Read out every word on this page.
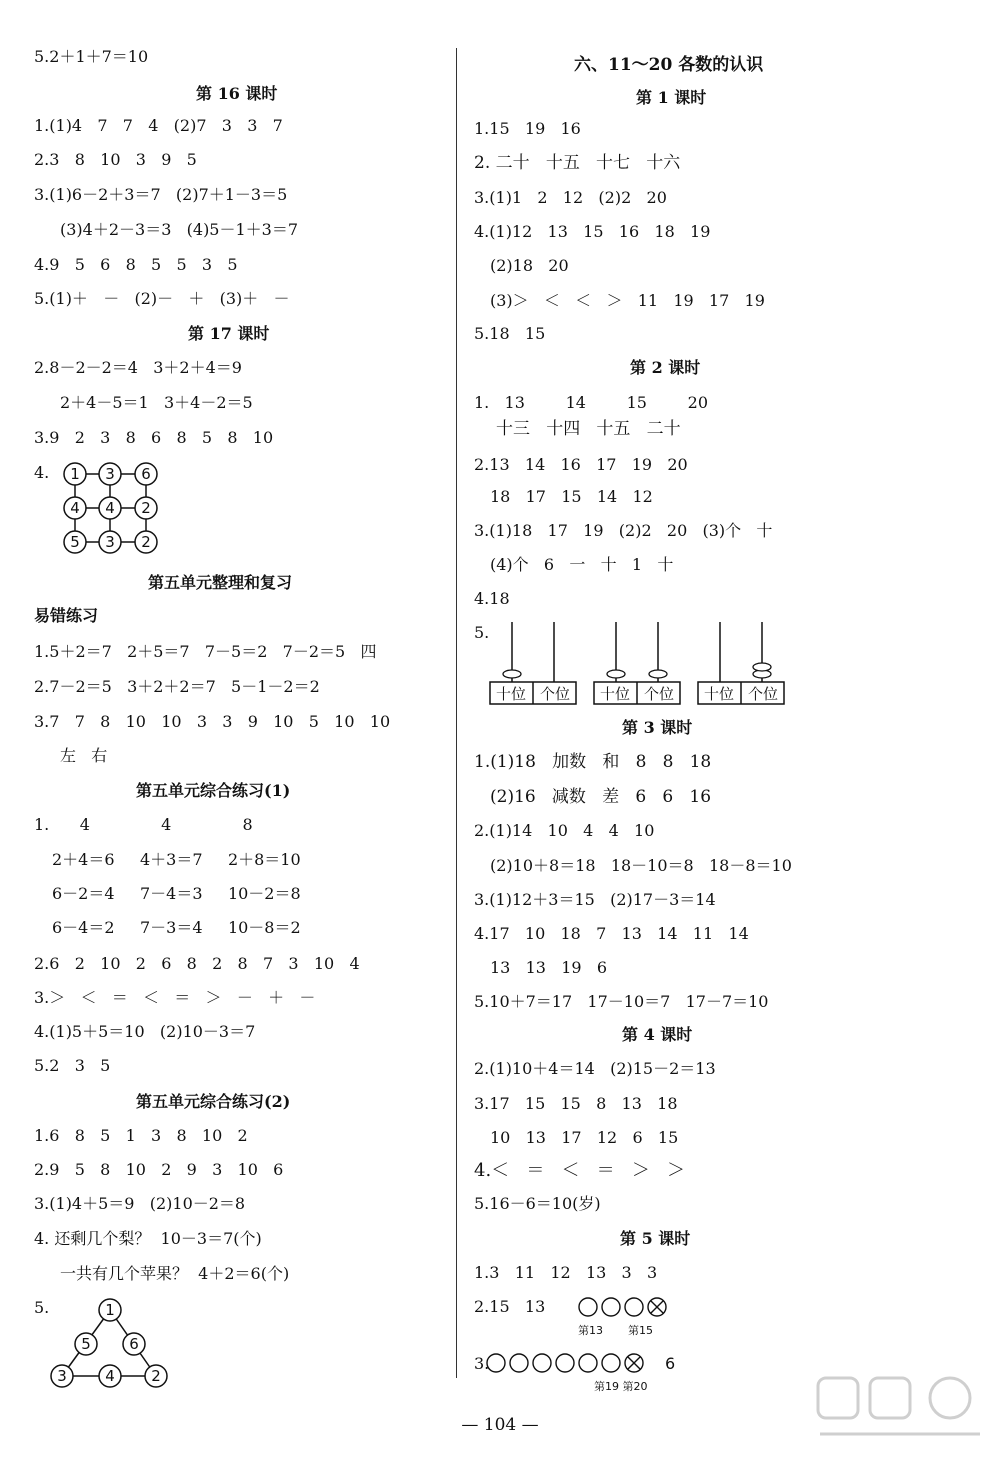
5.2＋1＋7＝10
第 16 课时
1.(1)4   7   7   4   (2)7   3   3   7
2.3   8   10   3   9   5
3.(1)6－2＋3＝7   (2)7＋1－3＝5
(3)4＋2－3＝3   (4)5－1＋3＝7
4.9   5   6   8   5   5   3   5
5.(1)＋   －   (2)－   ＋   (3)＋   －
第 17 课时
2.8－2－2＝4   3＋2＋4＝9
2＋4－5＝1   3＋4－2＝5
3.9   2   3   8   6   8   5   8   10
4. 1 3 6
4 4 2
5 3 2
第五单元整理和复习
易错练习
1.5＋2＝7   2＋5＝7   7－5＝2   7－2＝5   四
2.7－2＝5   3＋2＋2＝7   5－1－2＝2
3.7   7   8   10   10   3   3   9   10   5   10   10
左   右
第五单元综合练习(1)
1.      4              4              8
2＋4＝6     4＋3＝7     2＋8＝10
6－2＝4     7－4＝3     10－2＝8
6－4＝2     7－3＝4     10－8＝2
2.6   2   10   2   6   8   2   8   7   3   10   4
3.＞   ＜   ＝   ＜   ＝   ＞   －   ＋   －
4.(1)5＋5＝10   (2)10－3＝7
5.2   3   5
第五单元综合练习(2)
1.6   8   5   1   3   8   10   2
2.9   5   8   10   2   9   3   10   6
3.(1)4＋5＝9   (2)10－2＝8
4. 还剩几个梨？  10－3＝7(个)
一共有几个苹果？  4＋2＝6(个)
5.	1
5	6
3	4 2
六、11～20 各数的认识
第 1 课时
1.15   19   16
2. 二十   十五   十七   十六
3.(1)1   2   12   (2)2   20
4.(1)12   13   15   16   18   19
(2)18   20
(3)＞   ＜   ＜   ＞   11   19   17   19
5.18   15
第 2 课时
1.   13        14        15        20
十三   十四   十五   二十
2.13   14   16   17   19   20
18   17   15   14   12
3.(1)18   17   19   (2)2   20   (3)个   十
(4)个   6   一   十   1   十
4.18
5.
十位 个位 十位 个位 十位 个位
第 3 课时
1.(1)18   加数   和   8   8   18
(2)16   减数   差   6   6   16
2.(1)14   10   4   4   10
(2)10＋8＝18   18－10＝8   18－8＝10
3.(1)12＋3＝15   (2)17－3＝14
4.17   10   18   7   13   14   11   14
13   13   19   6
5.10＋7＝17   17－10＝7   17－7＝10
第 4 课时
2.(1)10＋4＝14   (2)15－2＝13
3.17   15   15   8   13   18
10   13   17   12   6   15
4.＜   ＝   ＜   ＝   ＞   ＞
5.16－6＝10(岁)
第 5 课时
1.3   11   12   13   3   3
2.15   13
第13 第15
3.	6
第19 第20
— 104 —
